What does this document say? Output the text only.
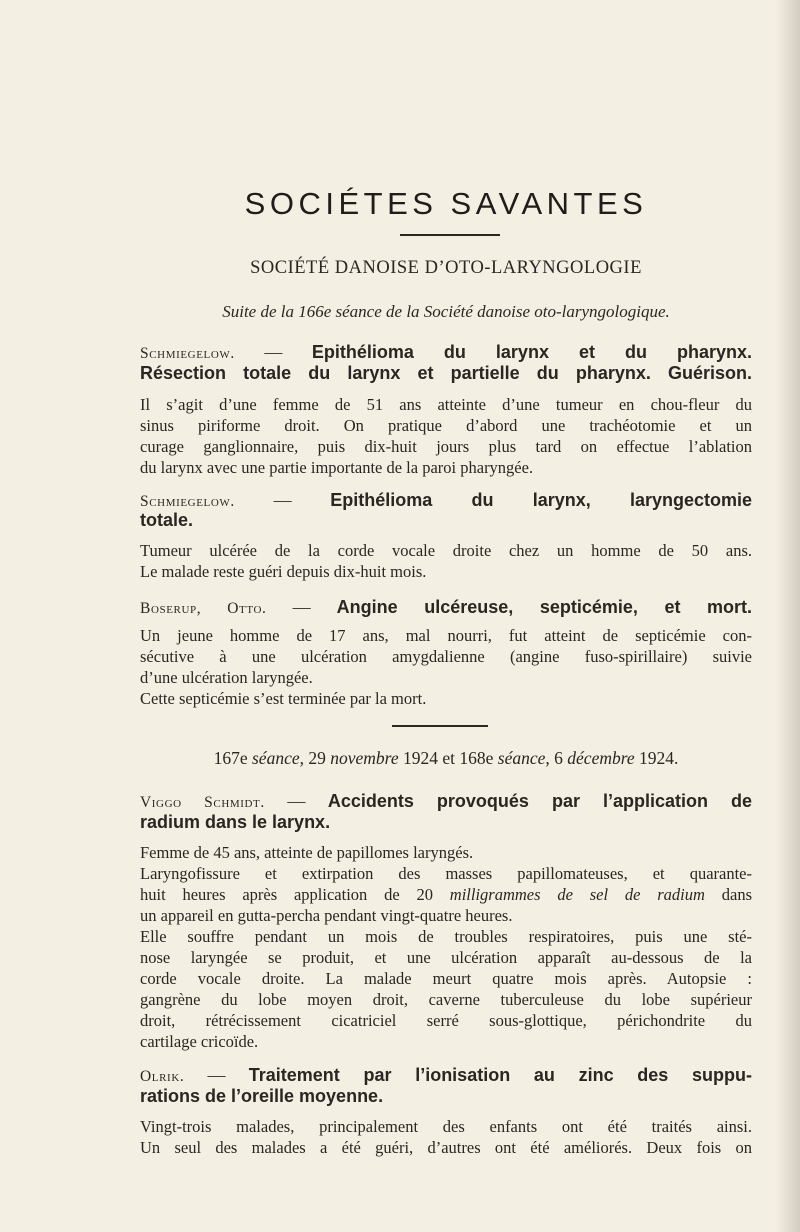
SOCIÉTES SAVANTES

SOCIÉTÉ DANOISE D’OTO-LARYNGOLOGIE

Suite de la 166e séance de la Société danoise oto-laryngologique.

Schmiegelow. — Epithélioma du larynx et du pharynx.

Résection totale du larynx et partielle du pharynx. Guérison.

Il s’agit d’une femme de 51 ans atteinte d’une tumeur en chou-fleur du

sinus piriforme droit. On pratique d’abord une trachéotomie et un

curage ganglionnaire, puis dix-huit jours plus tard on effectue l’ablation

du larynx avec une partie importante de la paroi pharyngée.

Schmiegelow. — Epithélioma du larynx, laryngectomie

totale.

Tumeur ulcérée de la corde vocale droite chez un homme de 50 ans.

Le malade reste guéri depuis dix-huit mois.

Boserup, Otto. — Angine ulcéreuse, septicémie, et mort.

Un jeune homme de 17 ans, mal nourri, fut atteint de septicémie con-

sécutive à une ulcération amygdalienne (angine fuso-spirillaire) suivie

d’une ulcération laryngée.

Cette septicémie s’est terminée par la mort.

167e séance, 29 novembre 1924 et 168e séance, 6 décembre 1924.

Viggo Schmidt. — Accidents provoqués par l’application de

radium dans le larynx.

Femme de 45 ans, atteinte de papillomes laryngés.

Laryngofissure et extirpation des masses papillomateuses, et quarante-

huit heures après application de 20 milligrammes de sel de radium dans

un appareil en gutta-percha pendant vingt-quatre heures.

Elle souffre pendant un mois de troubles respiratoires, puis une sté-

nose laryngée se produit, et une ulcération apparaît au-dessous de la

corde vocale droite. La malade meurt quatre mois après. Autopsie :

gangrène du lobe moyen droit, caverne tuberculeuse du lobe supérieur

droit, rétrécissement cicatriciel serré sous-glottique, périchondrite du

cartilage cricoïde.

Olrik. — Traitement par l’ionisation au zinc des suppu-

rations de l’oreille moyenne.

Vingt-trois malades, principalement des enfants ont été traités ainsi.

Un seul des malades a été guéri, d’autres ont été améliorés. Deux fois on
